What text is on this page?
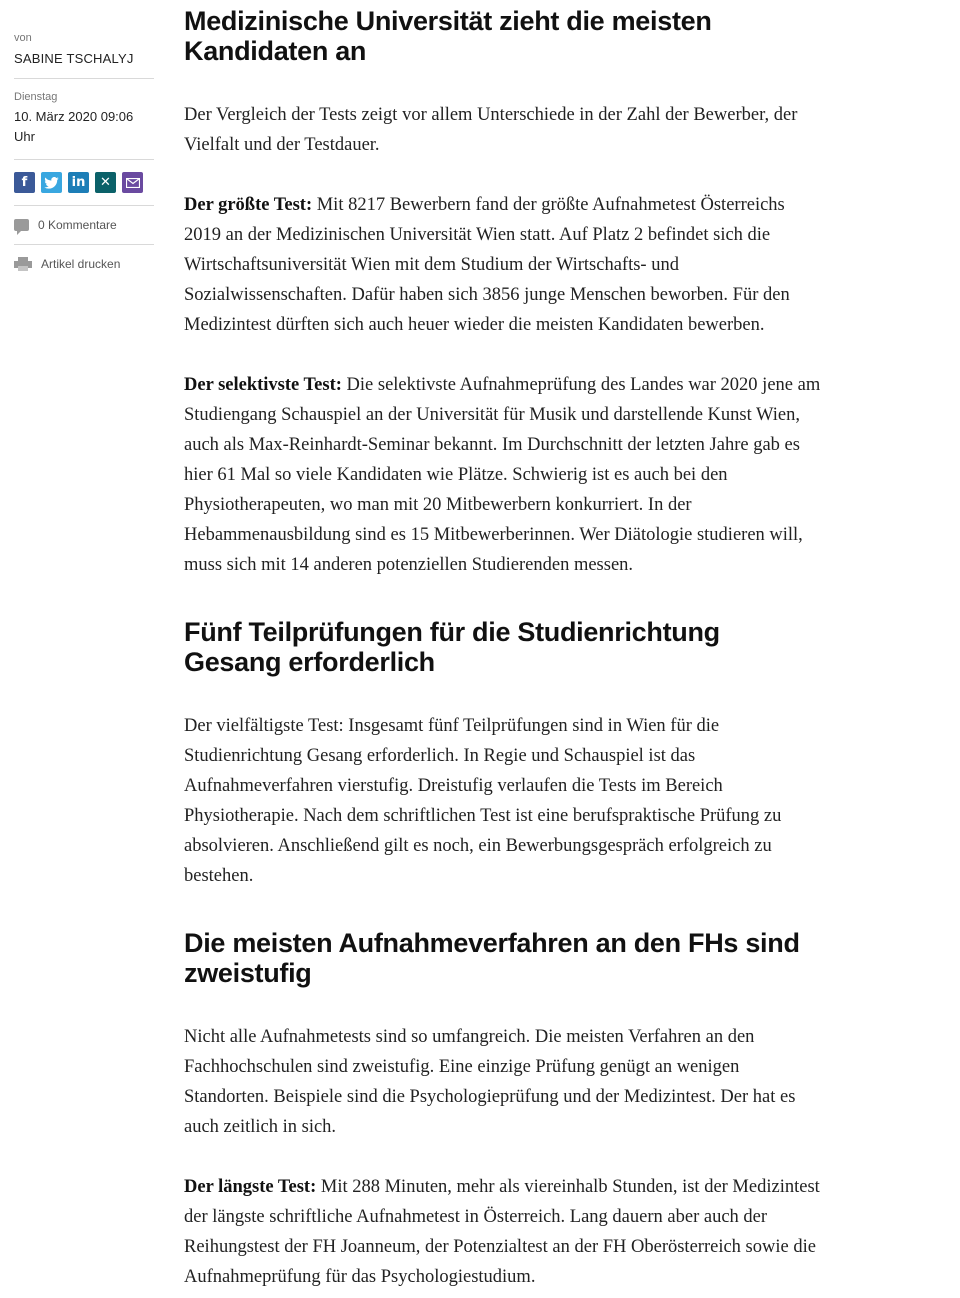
von
SABINE TSCHALYJ
Dienstag
10. März 2020 09:06
Uhr
f	in	✕
0 Kommentare
Artikel drucken
Medizinische Universität zieht die meisten Kandidaten an

Der Vergleich der Tests zeigt vor allem Unterschiede in der Zahl der Bewerber, der Vielfalt und der Testdauer.

Der größte Test: Mit 8217 Bewerbern fand der größte Aufnahmetest Österreichs 2019 an der Medizinischen Universität Wien statt. Auf Platz 2 befindet sich die Wirtschaftsuniversität Wien mit dem Studium der Wirtschafts- und Sozialwissenschaften. Dafür haben sich 3856 junge Menschen beworben. Für den Medizintest dürften sich auch heuer wieder die meisten Kandidaten bewerben.

Der selektivste Test: Die selektivste Aufnahmeprüfung des Landes war 2020 jene am Studiengang Schauspiel an der Universität für Musik und darstellende Kunst Wien, auch als Max-Reinhardt-Seminar bekannt. Im Durchschnitt der letzten Jahre gab es hier 61 Mal so viele Kandidaten wie Plätze. Schwierig ist es auch bei den Physiotherapeuten, wo man mit 20 Mitbewerbern konkurriert. In der Hebammenausbildung sind es 15 Mitbewerberinnen. Wer Diätologie studieren will, muss sich mit 14 anderen potenziellen Studierenden messen.

Fünf Teilprüfungen für die Studienrichtung Gesang erforderlich

Der vielfältigste Test: Insgesamt fünf Teilprüfungen sind in Wien für die Studienrichtung Gesang erforderlich. In Regie und Schauspiel ist das Aufnahmeverfahren vierstufig. Dreistufig verlaufen die Tests im Bereich Physiotherapie. Nach dem schriftlichen Test ist eine berufspraktische Prüfung zu absolvieren. Anschließend gilt es noch, ein Bewerbungsgespräch erfolgreich zu bestehen.

Die meisten Aufnahmeverfahren an den FHs sind zweistufig

Nicht alle Aufnahmetests sind so umfangreich. Die meisten Verfahren an den Fachhochschulen sind zweistufig. Eine einzige Prüfung genügt an wenigen Standorten. Beispiele sind die Psychologieprüfung und der Medizintest. Der hat es auch zeitlich in sich.

Der längste Test: Mit 288 Minuten, mehr als viereinhalb Stunden, ist der Medizintest der längste schriftliche Aufnahmetest in Österreich. Lang dauern aber auch der Reihungstest der FH Joanneum, der Potenzialtest an der FH Oberösterreich sowie die Aufnahmeprüfung für das Psychologiestudium.
